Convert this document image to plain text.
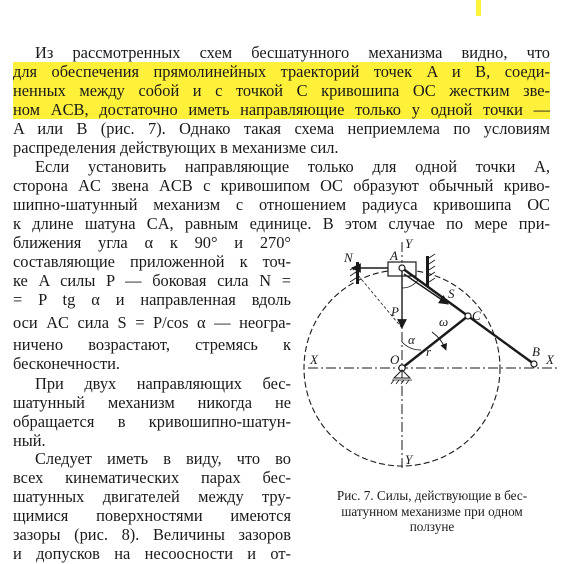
Из рассмотренных схем бесшатунного механизма видно, что
для обеспечения прямолинейных траекторий точек A и B, соеди-
ненных между собой и с точкой C кривошипа OC жестким зве-
ном ACB, достаточно иметь направляющие только у одной точки —
A или B (рис. 7). Однако такая схема неприемлема по условиям
распределения действующих в механизме сил.
Если установить направляющие только для одной точки A,
сторона AC звена ACB с кривошипом OC образуют обычный криво-
шипно-шатунный механизм с отношением радиуса кривошипа OC
к длине шатуна CA, равным единице. В этом случае по мере при-
ближения угла α к 90° и 270°
составляющие приложенной к точ-
ке A силы P — боковая сила N =
= P tg α и направленная вдоль
оси AC сила S = P/cos α — неогра-
ничено возрастают, стремясь к
бесконечности.
При двух направляющих бес-
шатунный механизм никогда не
обращается в кривошипно-шатун-
ный.
Следует иметь в виду, что во
всех кинематических парах бес-
шатунных двигателей между тру-
щимися поверхностями имеются
зазоры (рис. 8). Величины зазоров
и допусков на несоосности и от-
N	A
Y
S
C
P
ω
α
r
X	O
B
X
Y
Рис. 7. Силы, действующие в бес-
шатунном механизме при одном
ползуне
